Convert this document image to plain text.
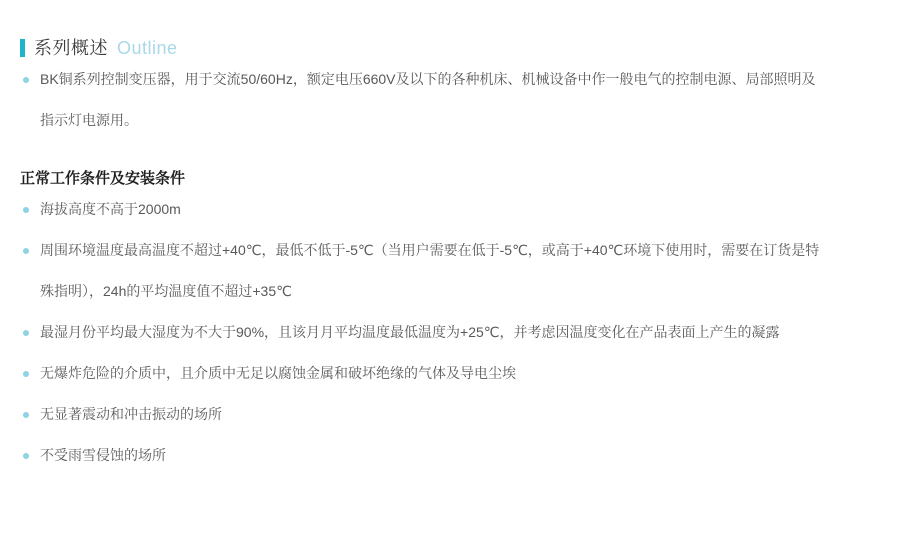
系列概述 Outline
BK铜系列控制变压器，用于交流50/60Hz，额定电压660V及以下的各种机床、机械设备中作一般电气的控制电源、局部照明及指示灯电源用。
正常工作条件及安装条件
海拔高度不高于2000m
周围环境温度最高温度不超过+40℃，最低不低于-5℃（当用户需要在低于-5℃，或高于+40℃环境下使用时，需要在订货是特殊指明），24h的平均温度值不超过+35℃
最湿月份平均最大湿度为不大于90%，且该月月平均温度最低温度为+25℃，并考虑因温度变化在产品表面上产生的凝露
无爆炸危险的介质中，且介质中无足以腐蚀金属和破坏绝缘的气体及导电尘埃
无显著震动和冲击振动的场所
不受雨雪侵蚀的场所
